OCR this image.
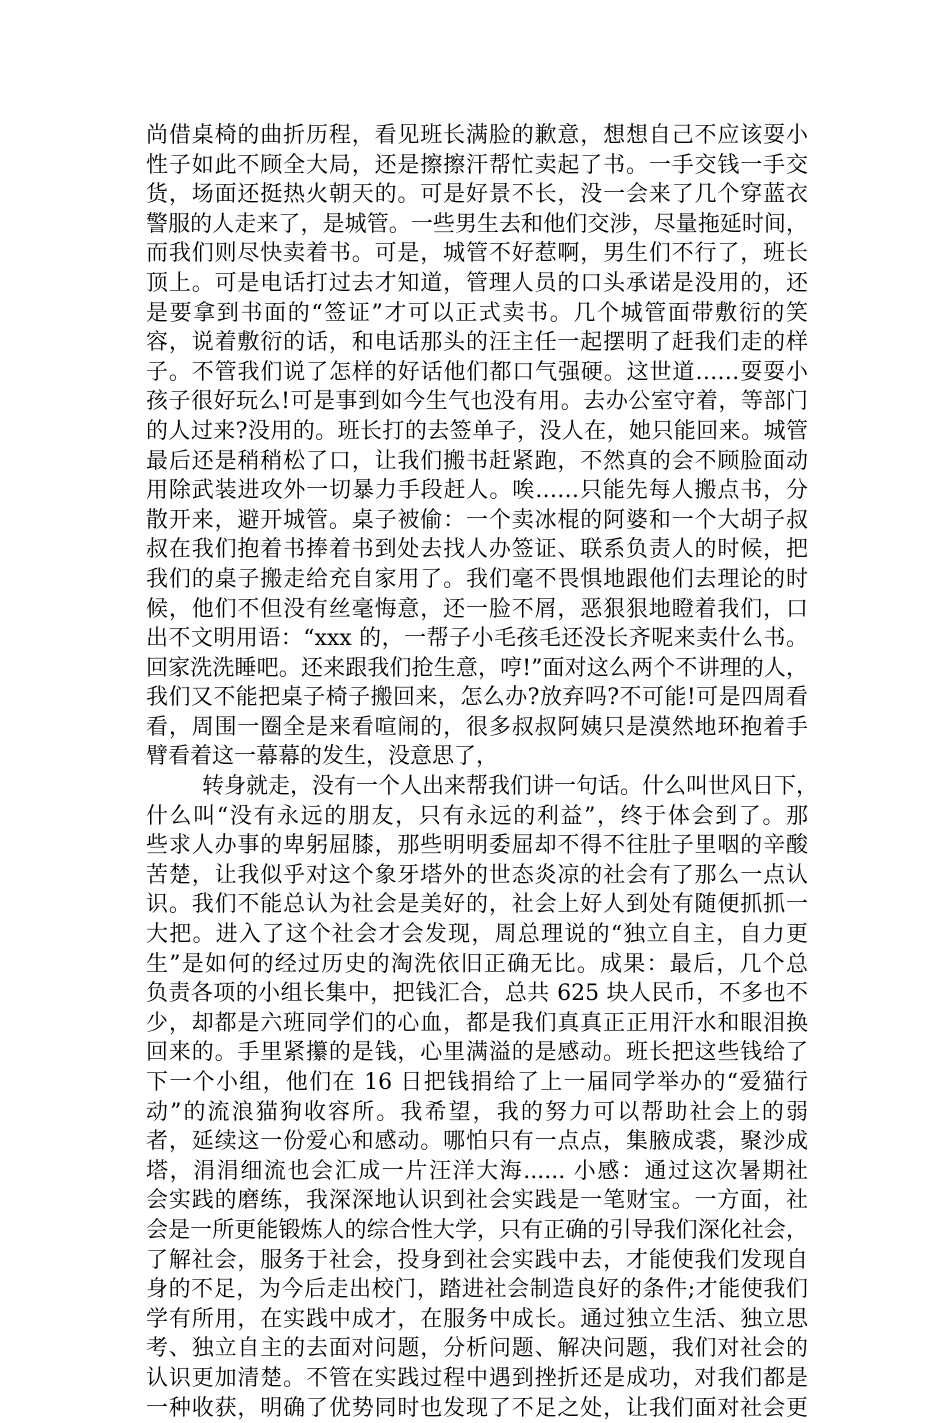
尚借桌椅的曲折历程，看见班长满脸的歉意，想想自己不应该耍小
性子如此不顾全大局，还是擦擦汗帮忙卖起了书。一手交钱一手交
货，场面还挺热火朝天的。可是好景不长，没一会来了几个穿蓝衣
警服的人走来了，是城管。一些男生去和他们交涉，尽量拖延时间，
而我们则尽快卖着书。可是，城管不好惹啊，男生们不行了，班长
顶上。可是电话打过去才知道，管理人员的口头承诺是没用的，还
是要拿到书面的“签证”才可以正式卖书。几个城管面带敷衍的笑
容，说着敷衍的话，和电话那头的汪主任一起摆明了赶我们走的样
子。不管我们说了怎样的好话他们都口气强硬。这世道……耍耍小
孩子很好玩么!可是事到如今生气也没有用。去办公室守着，等部门
的人过来?没用的。班长打的去签单子，没人在，她只能回来。城管
最后还是稍稍松了口，让我们搬书赶紧跑，不然真的会不顾脸面动
用除武装进攻外一切暴力手段赶人。唉……只能先每人搬点书，分
散开来，避开城管。桌子被偷：一个卖冰棍的阿婆和一个大胡子叔
叔在我们抱着书捧着书到处去找人办签证、联系负责人的时候，把
我们的桌子搬走给充自家用了。我们毫不畏惧地跟他们去理论的时
候，他们不但没有丝毫悔意，还一脸不屑，恶狠狠地瞪着我们，口
出不文明用语：“xxx 的，一帮子小毛孩毛还没长齐呢来卖什么书。
回家洗洗睡吧。还来跟我们抢生意，哼!”面对这么两个不讲理的人，
我们又不能把桌子椅子搬回来，怎么办?放弃吗?不可能!可是四周看
看，周围一圈全是来看喧闹的，很多叔叔阿姨只是漠然地环抱着手
臂看着这一幕幕的发生，没意思了，
转身就走，没有一个人出来帮我们讲一句话。什么叫世风日下，
什么叫“没有永远的朋友，只有永远的利益”，终于体会到了。那
些求人办事的卑躬屈膝，那些明明委屈却不得不往肚子里咽的辛酸
苦楚，让我似乎对这个象牙塔外的世态炎凉的社会有了那么一点认
识。我们不能总认为社会是美好的，社会上好人到处有随便抓抓一
大把。进入了这个社会才会发现，周总理说的“独立自主，自力更
生”是如何的经过历史的淘洗依旧正确无比。成果：最后，几个总
负责各项的小组长集中，把钱汇合，总共 625 块人民币，不多也不
少，却都是六班同学们的心血，都是我们真真正正用汗水和眼泪换
回来的。手里紧攥的是钱，心里满溢的是感动。班长把这些钱给了
下一个小组，他们在 16 日把钱捐给了上一届同学举办的“爱猫行
动”的流浪猫狗收容所。我希望，我的努力可以帮助社会上的弱
者，延续这一份爱心和感动。哪怕只有一点点，集腋成裘，聚沙成
塔，涓涓细流也会汇成一片汪洋大海...... 小感：通过这次暑期社
会实践的磨练，我深深地认识到社会实践是一笔财宝。一方面，社
会是一所更能锻炼人的综合性大学，只有正确的引导我们深化社会，
了解社会，服务于社会，投身到社会实践中去，才能使我们发现自
身的不足，为今后走出校门，踏进社会制造良好的条件;才能使我们
学有所用，在实践中成才，在服务中成长。通过独立生活、独立思
考、独立自主的去面对问题，分析问题、解决问题，我们对社会的
认识更加清楚。不管在实践过程中遇到挫折还是成功，对我们都是
一种收获，明确了优势同时也发现了不足之处，让我们面对社会更
